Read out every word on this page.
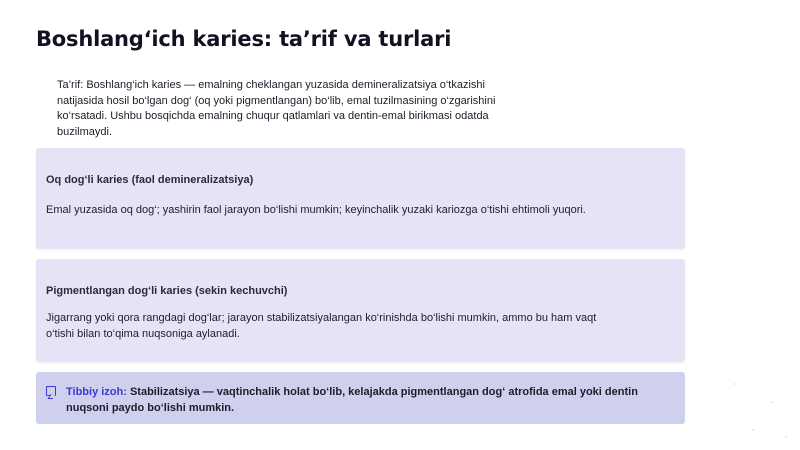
Boshlang‘ich karies: ta’rif va turlari
Ta’rif: Boshlang‘ich karies — emalning cheklangan yuzasida demineralizatsiya o‘tkazishi natijasida hosil bo‘lgan dog‘ (oq yoki pigmentlangan) bo‘lib, emal tuzilmasining o‘zgarishini ko‘rsatadi. Ushbu bosqichda emalning chuqur qatlamlari va dentin-emal birikmasi odatda buzilmaydi.
Oq dog‘li karies (faol demineralizatsiya)
Emal yuzasida oq dog‘; yashirin faol jarayon bo‘lishi mumkin; keyinchalik yuzaki kariozga o‘tishi ehtimoli yuqori.
Pigmentlangan dog‘li karies (sekin kechuvchi)
Jigarrang yoki qora rangdagi dog‘lar; jarayon stabilizatsiyalangan ko‘rinishda bo‘lishi mumkin, ammo bu ham vaqt o‘tishi bilan to‘qima nuqsoniga aylanadi.
Tibbiy izoh: Stabilizatsiya — vaqtinchalik holat bo‘lib, kelajakda pigmentlangan dog‘ atrofida emal yoki dentin nuqsoni paydo bo‘lishi mumkin.
